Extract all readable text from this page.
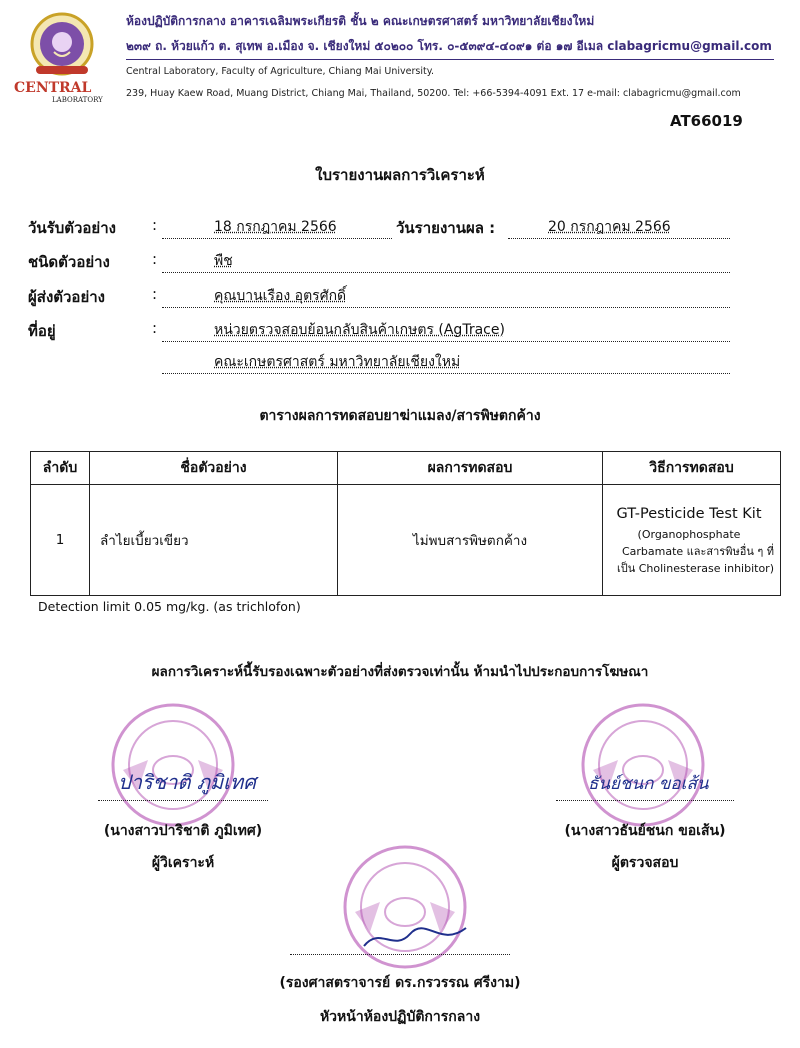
CENTRAL
LABORATORY
ห้องปฏิบัติการกลาง อาคารเฉลิมพระเกียรติ ชั้น ๒ คณะเกษตรศาสตร์ มหาวิทยาลัยเชียงใหม่
๒๓๙ ถ. ห้วยแก้ว ต. สุเทพ อ.เมือง จ. เชียงใหม่ ๕๐๒๐๐ โทร. ๐-๕๓๙๔-๔๐๙๑ ต่อ ๑๗ อีเมล clabagricmu@gmail.com
Central Laboratory, Faculty of Agriculture, Chiang Mai University.
239, Huay Kaew Road, Muang District, Chiang Mai, Thailand, 50200. Tel: +66-5394-4091 Ext. 17 e-mail: clabagricmu@gmail.com
AT66019
ใบรายงานผลการวิเคราะห์
วันรับตัวอย่าง :	18 กรกฎาคม 2566	วันรายงานผล :	20 กรกฎาคม 2566
ชนิดตัวอย่าง	:	พืช
ผู้ส่งตัวอย่าง	:	คุณบานเรือง อุตรศักดิ์
ที่อยู่	:	หน่วยตรวจสอบย้อนกลับสินค้าเกษตร (AgTrace)
คณะเกษตรศาสตร์ มหาวิทยาลัยเชียงใหม่
ตารางผลการทดสอบยาฆ่าแมลง/สารพิษตกค้าง
ลำดับ	ชื่อตัวอย่าง	ผลการทดสอบ	วิธีการทดสอบ
1	ลำไยเบี้ยวเขียว	ไม่พบสารพิษตกค้าง	GT-Pesticide Test Kit
(Organophosphate
Carbamate และสารพิษอื่น ๆ ที่
เป็น Cholinesterase inhibitor)
Detection limit 0.05 mg/kg. (as trichlofon)
ผลการวิเคราะห์นี้รับรองเฉพาะตัวอย่างที่ส่งตรวจเท่านั้น ห้ามนำไปประกอบการโฆษณา
ปาริชาติ ภูมิเทศ
(นางสาวปาริชาติ ภูมิเทศ)
ผู้วิเคราะห์
ธันย์ชนก ขอเส้น
(นางสาวธันย์ชนก ขอเส้น)
ผู้ตรวจสอบ
(รองศาสตราจารย์ ดร.กรวรรณ ศรีงาม)
หัวหน้าห้องปฏิบัติการกลาง
